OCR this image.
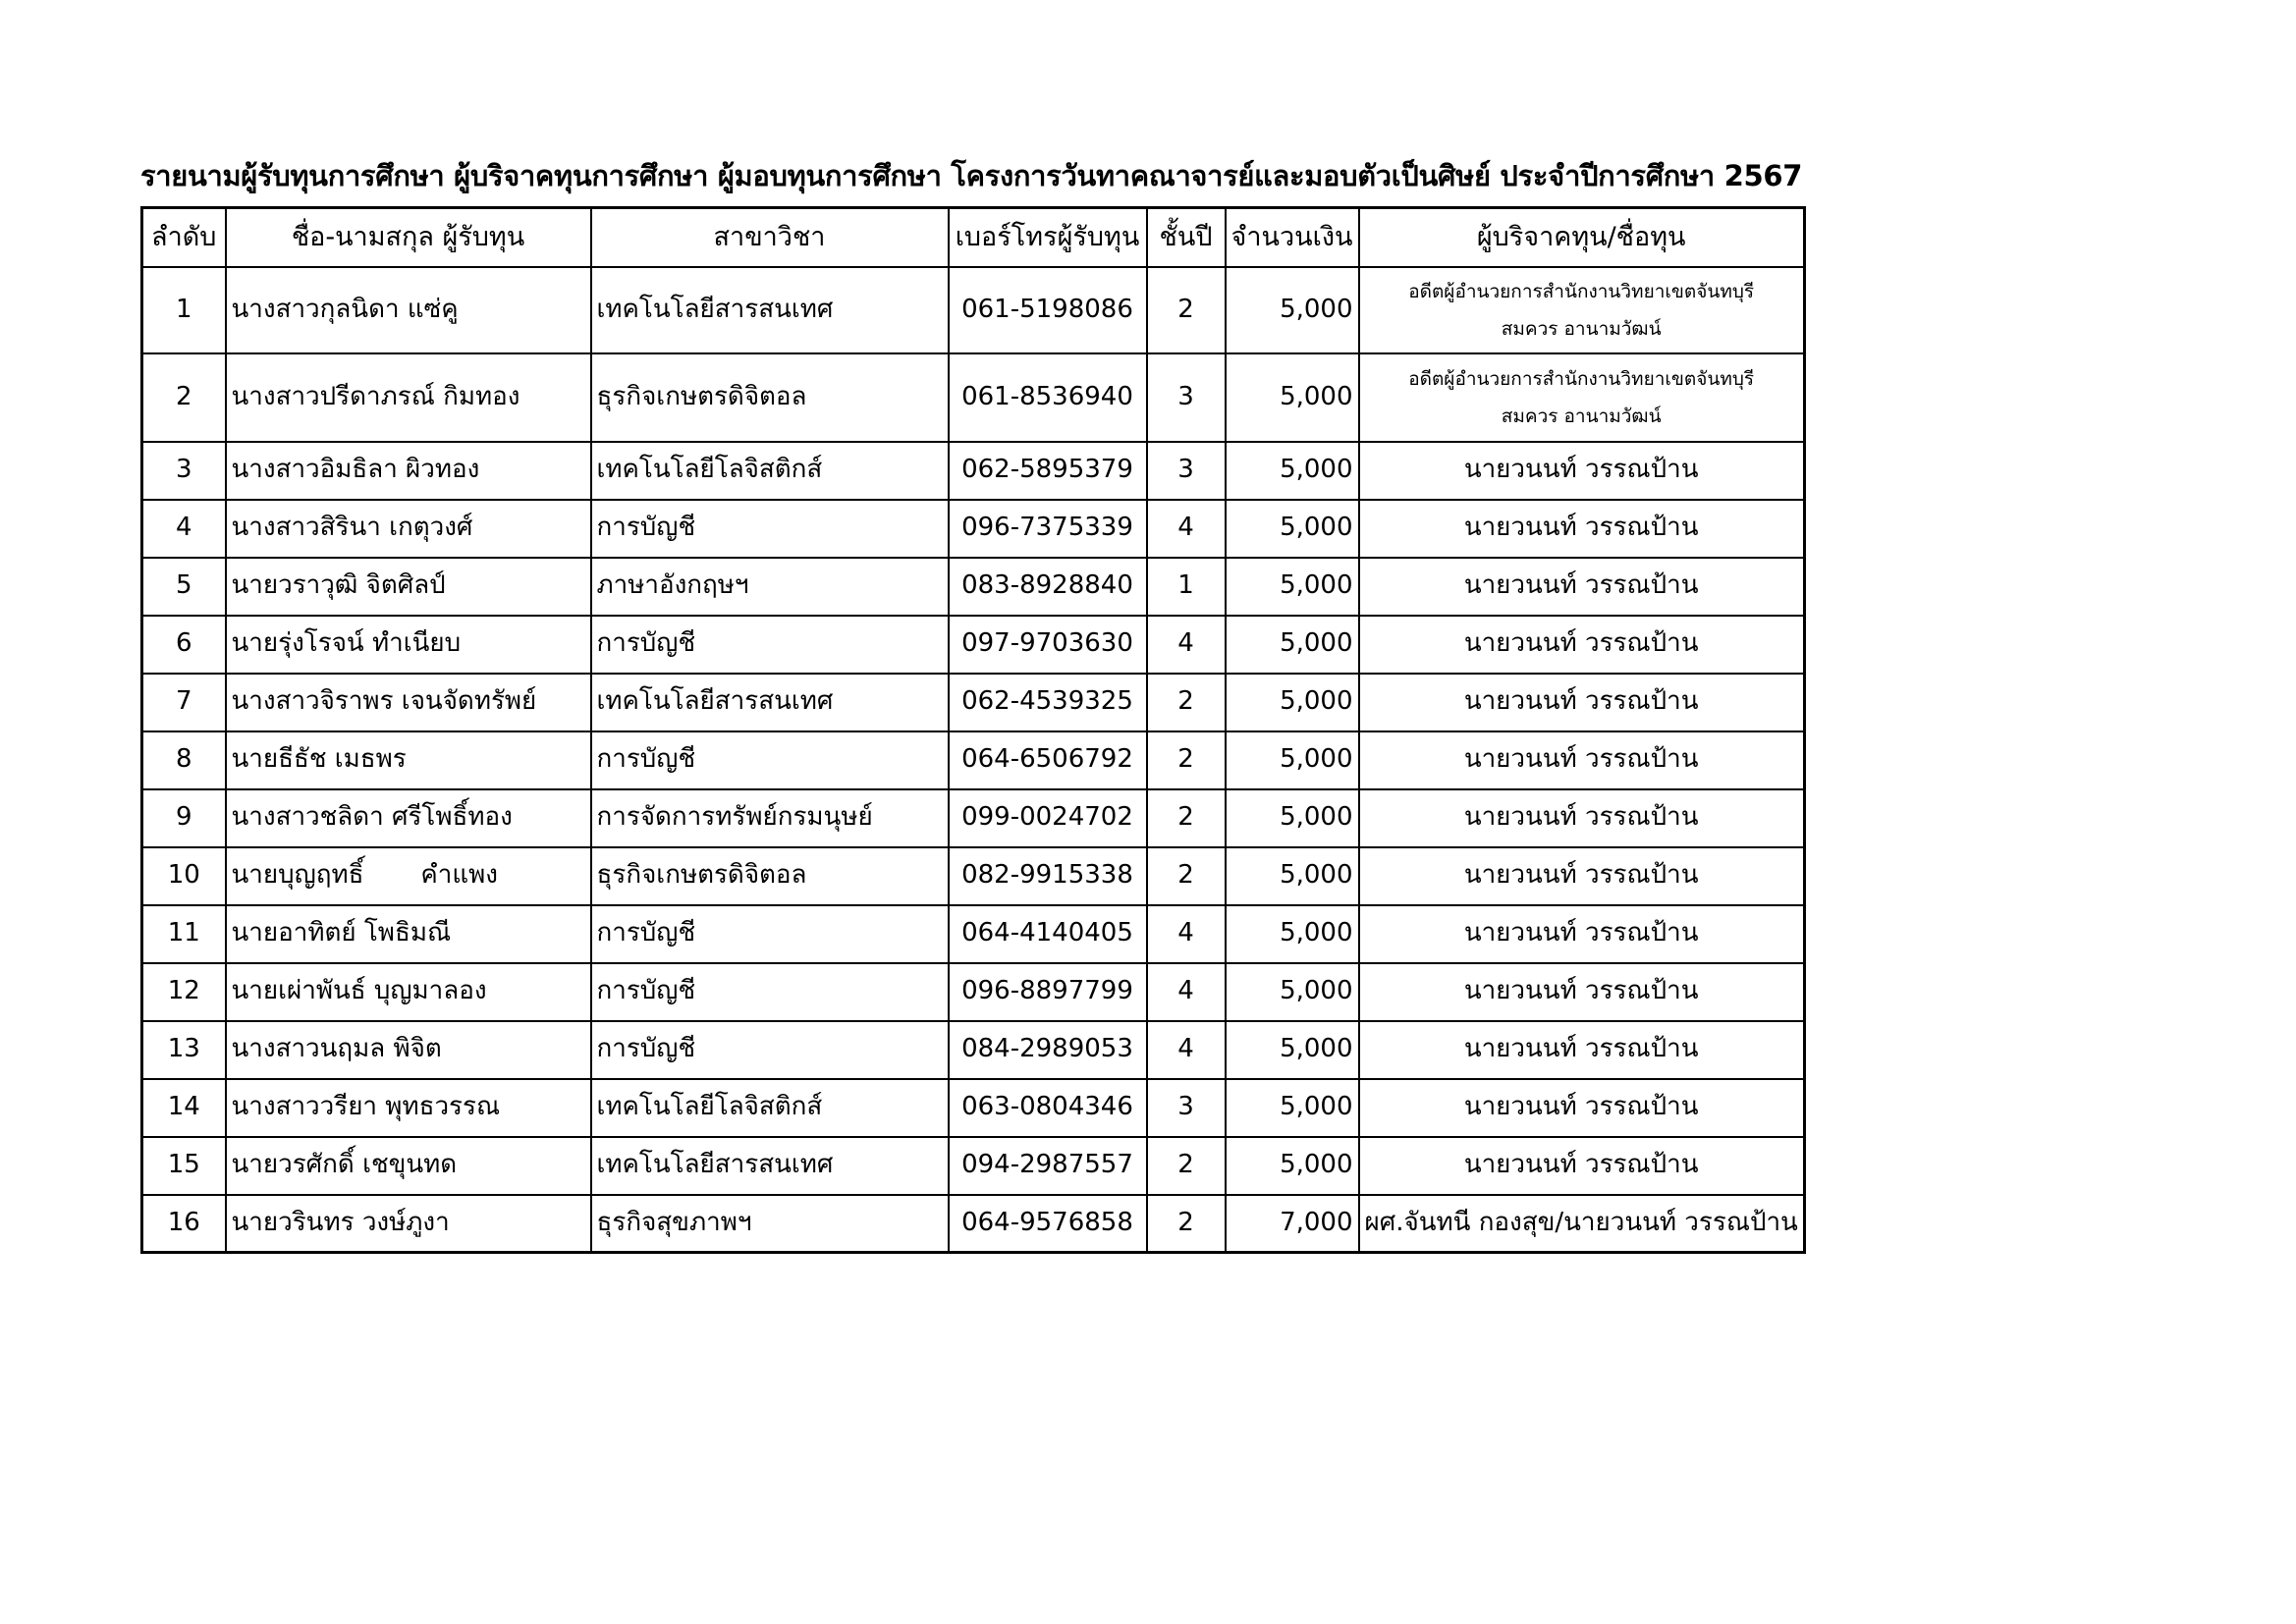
รายนามผู้รับทุนการศึกษา ผู้บริจาคทุนการศึกษา ผู้มอบทุนการศึกษา โครงการวันทาคณาจารย์และมอบตัวเป็นศิษย์ ประจำปีการศึกษา 2567
ลำดับ	ชื่อ-นามสกุล ผู้รับทุน	สาขาวิชา	เบอร์โทรผู้รับทุน	ชั้นปี	จำนวนเงิน	ผู้บริจาคทุน/ชื่อทุน
1	นางสาวกุลนิดา แซ่คู	เทคโนโลยีสารสนเทศ	061-5198086	2	5,000	อดีตผู้อำนวยการสำนักงานวิทยาเขตจันทบุรี
สมควร อานามวัฒน์

2	นางสาวปรีดาภรณ์ กิมทอง	ธุรกิจเกษตรดิจิตอล	061-8536940	3	5,000	อดีตผู้อำนวยการสำนักงานวิทยาเขตจันทบุรี
สมควร อานามวัฒน์

3	นางสาวอิมธิลา ผิวทอง	เทคโนโลยีโลจิสติกส์	062-5895379	3	5,000	นายวนนท์ วรรณป้าน
4	นางสาวสิรินา เกตุวงศ์	การบัญชี	096-7375339	4	5,000	นายวนนท์ วรรณป้าน
5	นายวราวุฒิ จิตศิลป์	ภาษาอังกฤษฯ	083-8928840	1	5,000	นายวนนท์ วรรณป้าน
6	นายรุ่งโรจน์ ทำเนียบ	การบัญชี	097-9703630	4	5,000	นายวนนท์ วรรณป้าน
7	นางสาวจิราพร เจนจัดทรัพย์	เทคโนโลยีสารสนเทศ	062-4539325	2	5,000	นายวนนท์ วรรณป้าน
8	นายธีธัช เมธพร	การบัญชี	064-6506792	2	5,000	นายวนนท์ วรรณป้าน
9	นางสาวชลิดา ศรีโพธิ์ทอง	การจัดการทรัพย์กรมนุษย์	099-0024702	2	5,000	นายวนนท์ วรรณป้าน
10	นายบุญฤทธิ์       คำแพง	ธุรกิจเกษตรดิจิตอล	082-9915338	2	5,000	นายวนนท์ วรรณป้าน
11	นายอาทิตย์ โพธิมณี	การบัญชี	064-4140405	4	5,000	นายวนนท์ วรรณป้าน
12	นายเผ่าพันธ์ บุญมาลอง	การบัญชี	096-8897799	4	5,000	นายวนนท์ วรรณป้าน
13	นางสาวนฤมล พิจิต	การบัญชี	084-2989053	4	5,000	นายวนนท์ วรรณป้าน
14	นางสาววรียา พุทธวรรณ	เทคโนโลยีโลจิสติกส์	063-0804346	3	5,000	นายวนนท์ วรรณป้าน
15	นายวรศักดิ์ เชขุนทด	เทคโนโลยีสารสนเทศ	094-2987557	2	5,000	นายวนนท์ วรรณป้าน
16	นายวรินทร วงษ์ภูงา	ธุรกิจสุขภาพฯ	064-9576858	2	7,000	ผศ.จันทนี กองสุข/นายวนนท์ วรรณป้าน
